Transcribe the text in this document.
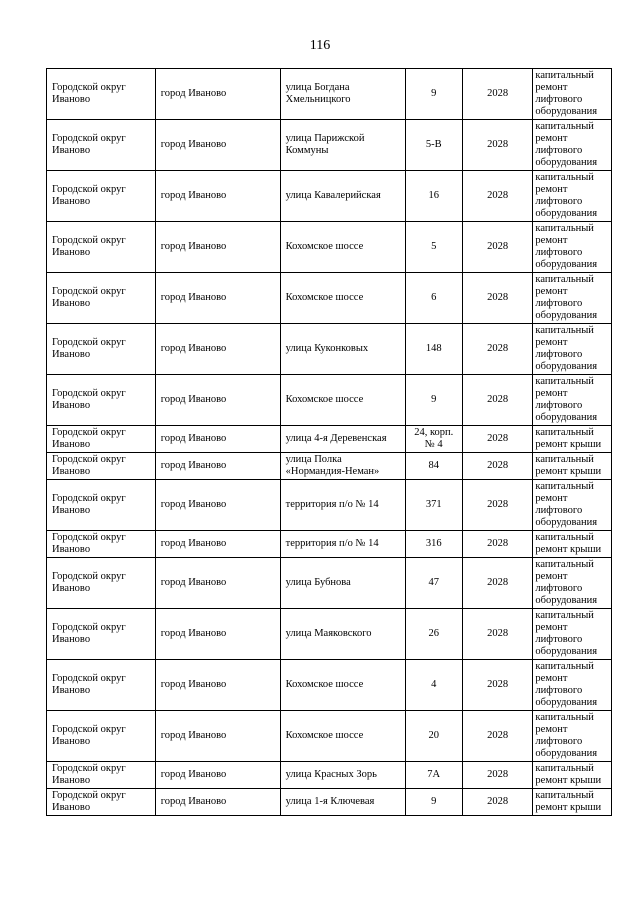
116
Городской округ Иваново	город Иваново	улица Богдана Хмельницкого	9	2028	капитальный ремонт лифтового оборудования
Городской округ Иваново	город Иваново	улица Парижской Коммуны	5-В	2028	капитальный ремонт лифтового оборудования
Городской округ Иваново	город Иваново	улица Кавалерийская	16	2028	капитальный ремонт лифтового оборудования
Городской округ Иваново	город Иваново	Кохомское шоссе	5	2028	капитальный ремонт лифтового оборудования
Городской округ Иваново	город Иваново	Кохомское шоссе	6	2028	капитальный ремонт лифтового оборудования
Городской округ Иваново	город Иваново	улица Куконковых	148	2028	капитальный ремонт лифтового оборудования
Городской округ Иваново	город Иваново	Кохомское шоссе	9	2028	капитальный ремонт лифтового оборудования
Городской округ Иваново	город Иваново	улица 4-я Деревенская	24, корп. № 4	2028	капитальный ремонт крыши
Городской округ Иваново	город Иваново	улица Полка «Нормандия-Неман»	84	2028	капитальный ремонт крыши
Городской округ Иваново	город Иваново	территория п/о № 14	371	2028	капитальный ремонт лифтового оборудования
Городской округ Иваново	город Иваново	территория п/о № 14	316	2028	капитальный ремонт крыши
Городской округ Иваново	город Иваново	улица Бубнова	47	2028	капитальный ремонт лифтового оборудования
Городской округ Иваново	город Иваново	улица Маяковского	26	2028	капитальный ремонт лифтового оборудования
Городской округ Иваново	город Иваново	Кохомское шоссе	4	2028	капитальный ремонт лифтового оборудования
Городской округ Иваново	город Иваново	Кохомское шоссе	20	2028	капитальный ремонт лифтового оборудования
Городской округ Иваново	город Иваново	улица Красных Зорь	7А	2028	капитальный ремонт крыши
Городской округ Иваново	город Иваново	улица 1-я Ключевая	9	2028	капитальный ремонт крыши
